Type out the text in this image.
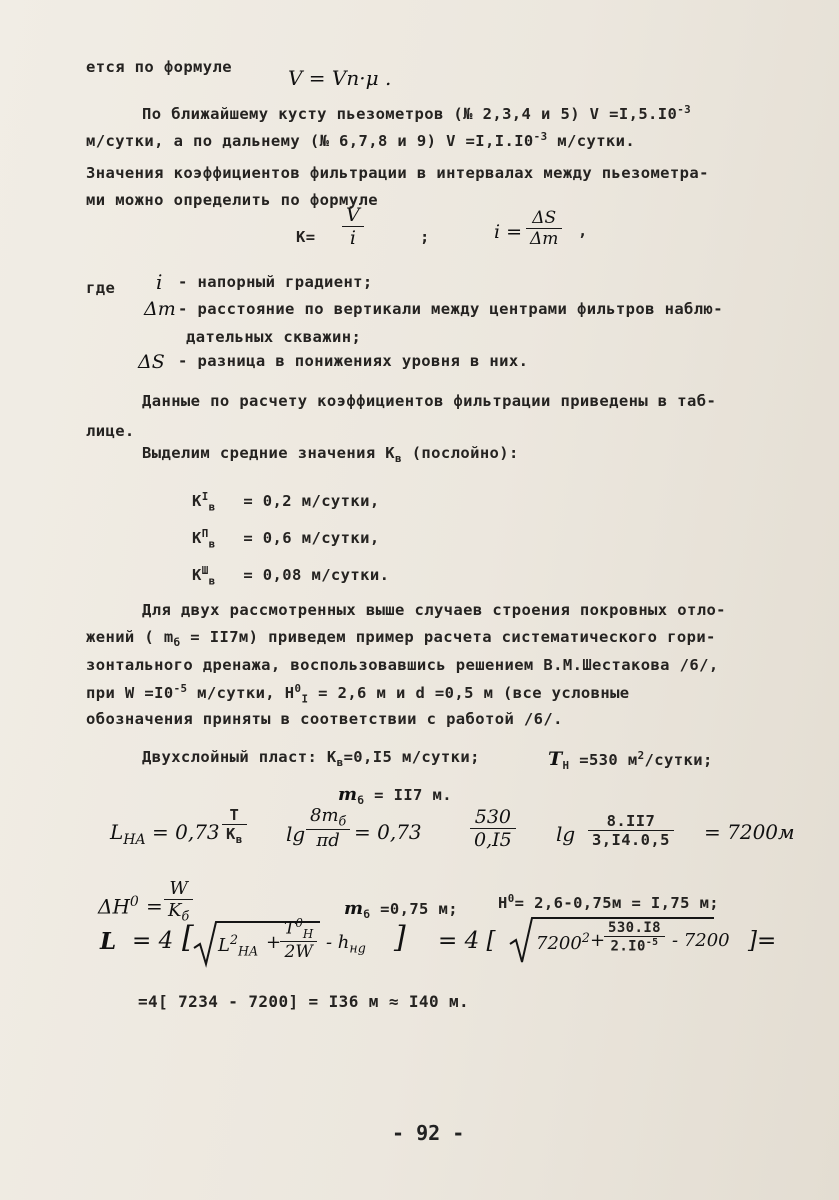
ется по формуле	V = Vn·μ .
По ближайшему кусту пьезометров (№ 2,3,4 и 5) $V =I,5.I0^{-3}$
м/сутки, а по дальнему (№ 6,7,8 и 9) $V =I,I.I0^{-3}$ м/сутки.
Значения коэффициентов фильтрации в интервалах между пьезометра-
ми можно определить по формуле
$K= \frac{V}{i}$	;	$i = \frac{\Delta S}{\Delta m}$ ,
где i - напорный градиент;
Δm - расстояние по вертикали между центрами фильтров наблю-
дательных скважин;
ΔS - разница в понижениях уровня в них.
Данные по расчету коэффициентов фильтрации приведены в таб-
лице.
Выделим средние значения $K_в$ (послойно):
$K^I_в = 0,2$ м/сутки,
$K^П_в = 0,6$ м/сутки,
$K^Ш_в = 0,08$ м/сутки.
Для двух рассмотренных выше случаев строения покровных отло-
жений ( $m_б = II7м$) приведем пример расчета систематического гори-
зонтального дренажа, воспользовавшись решением В.М.Шестакова /6/,
при $W =I0^{-5}$ м/сутки, $H^0_I = 2,6$ м и d =0,5 м (все условные
обозначения приняты в соответствии с работой /6/.
Двухслойный пласт: $K_в=0,I5$ м/сутки;	$T_H =530$ $м^2$/сутки;
$m_б = II7$ м.
$L_{HA} = 0,73$
T
$K_в$ lg
$8m_б$
πd = 0,73	$\frac{530}{0,I5}$ $\lg \frac{8.II7}{3,I4.0,5} = 7200м$
$\Delta H^0$ =
W
$K_б$	$m_б =0,75$ м;	$H^0= 2,6-0,75м = I,75$ м;
L = 4 [ $L^2_{HA}$ +
$\frac{T^0_H}{2W} - h_{нg}$ ] = 4 [ $7200^2$ +
$\frac{530.I8}{2.I0^{-5}} - 7200$ ]=
=4[ 7234 - 7200] = I36 м ≈ I40 м.
- 92 -
